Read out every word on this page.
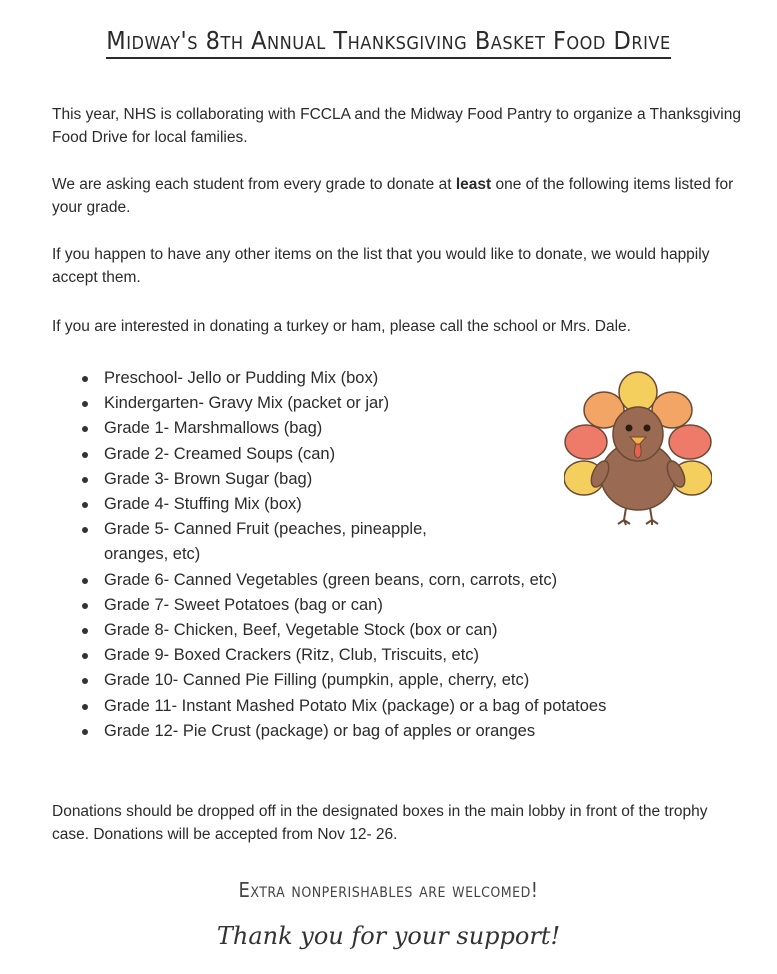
Midway's 8th Annual Thanksgiving Basket Food Drive

This year, NHS is collaborating with FCCLA and the Midway Food Pantry to organize a Thanksgiving Food Drive for local families.

We are asking each student from every grade to donate at least one of the following items listed for your grade.

If you happen to have any other items on the list that you would like to donate, we would happily accept them.

If you are interested in donating a turkey or ham, please call the school or Mrs. Dale.

Preschool- Jello or Pudding Mix (box)
Kindergarten- Gravy Mix (packet or jar)
Grade 1- Marshmallows (bag)
Grade 2- Creamed Soups (can)
Grade 3- Brown Sugar (bag)
Grade 4- Stuffing Mix (box)
Grade 5- Canned Fruit (peaches, pineapple, oranges, etc)
Grade 6- Canned Vegetables (green beans, corn, carrots, etc)
Grade 7- Sweet Potatoes (bag or can)
Grade 8- Chicken, Beef, Vegetable Stock (box or can)
Grade 9- Boxed Crackers (Ritz, Club, Triscuits, etc)
Grade 10- Canned Pie Filling (pumpkin, apple, cherry, etc)
Grade 11- Instant Mashed Potato Mix (package) or a bag of potatoes
Grade 12- Pie Crust (package) or bag of apples or oranges

Donations should be dropped off in the designated boxes in the main lobby in front of the trophy case. Donations will be accepted from Nov 12- 26.

Extra nonperishables are welcomed!
Thank you for your support!
